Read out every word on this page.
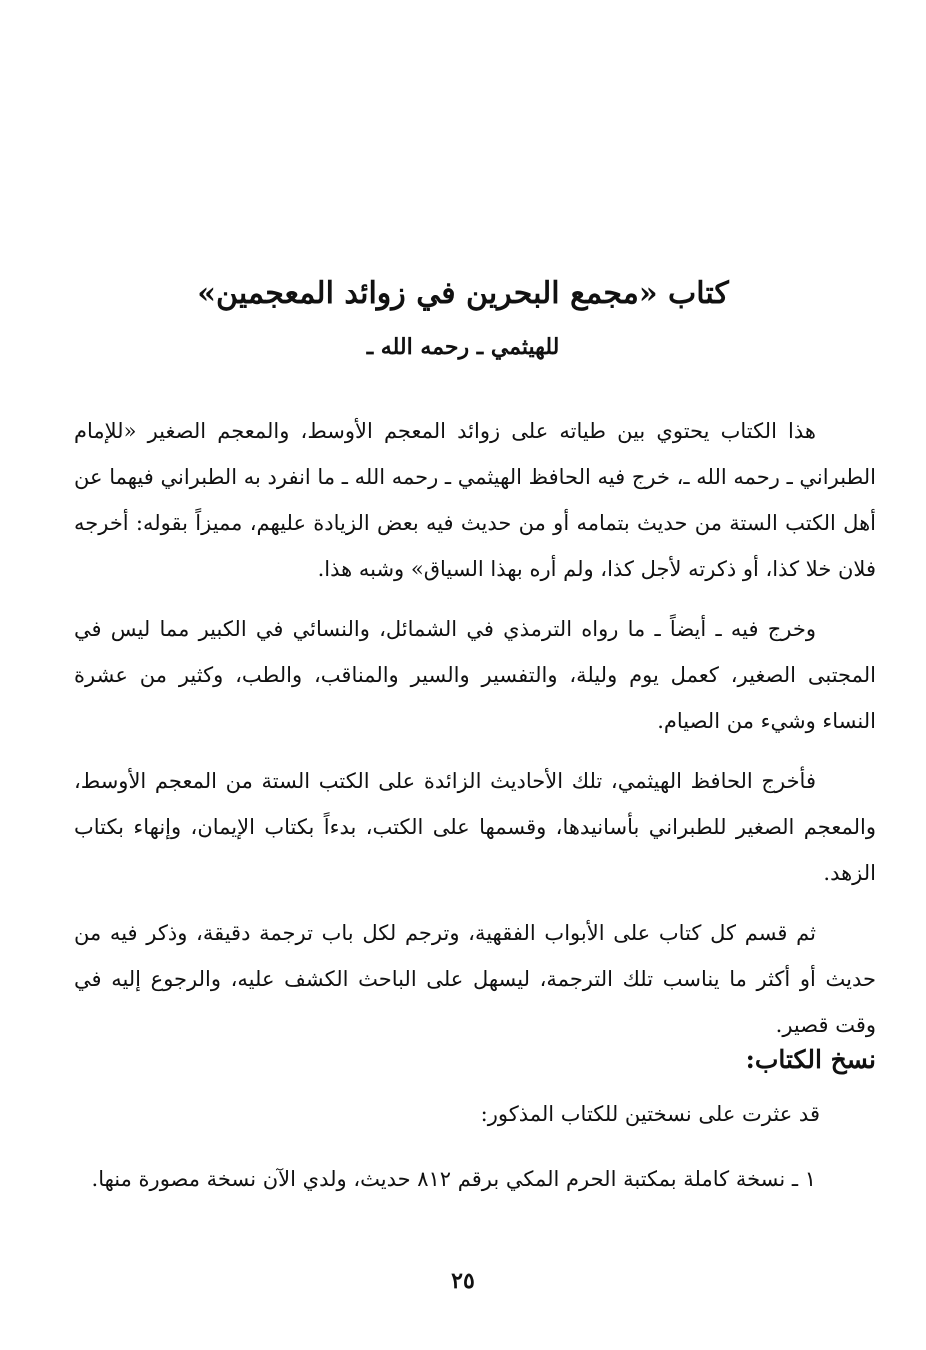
كتاب «مجمع البحرين في زوائد المعجمين»
للهيثمي ـ رحمه الله ـ

هذا الكتاب يحتوي بين طياته على زوائد المعجم الأوسط، والمعجم الصغير «للإمام الطبراني ـ رحمه الله ـ، خرج فيه الحافظ الهيثمي ـ رحمه الله ـ ما انفرد به الطبراني فيهما عن أهل الكتب الستة من حديث بتمامه أو من حديث فيه بعض الزيادة عليهم، مميزاً بقوله: أخرجه فلان خلا كذا، أو ذكرته لأجل كذا، ولم أره بهذا السياق» وشبه هذا.

وخرج فيه ـ أيضاً ـ ما رواه الترمذي في الشمائل، والنسائي في الكبير مما ليس في المجتبى الصغير، كعمل يوم وليلة، والتفسير والسير والمناقب، والطب، وكثير من عشرة النساء وشيء من الصيام.

فأخرج الحافظ الهيثمي، تلك الأحاديث الزائدة على الكتب الستة من المعجم الأوسط، والمعجم الصغير للطبراني بأسانيدها، وقسمها على الكتب، بدءاً بكتاب الإيمان، وإنهاء بكتاب الزهد.

ثم قسم كل كتاب على الأبواب الفقهية، وترجم لكل باب ترجمة دقيقة، وذكر فيه من حديث أو أكثر ما يناسب تلك الترجمة، ليسهل على الباحث الكشف عليه، والرجوع إليه في وقت قصير.

نسخ الكتاب:

قد عثرت على نسختين للكتاب المذكور:

١ ـ نسخة كاملة بمكتبة الحرم المكي برقم ٨١٢ حديث، ولدي الآن نسخة مصورة منها.

٢٥
